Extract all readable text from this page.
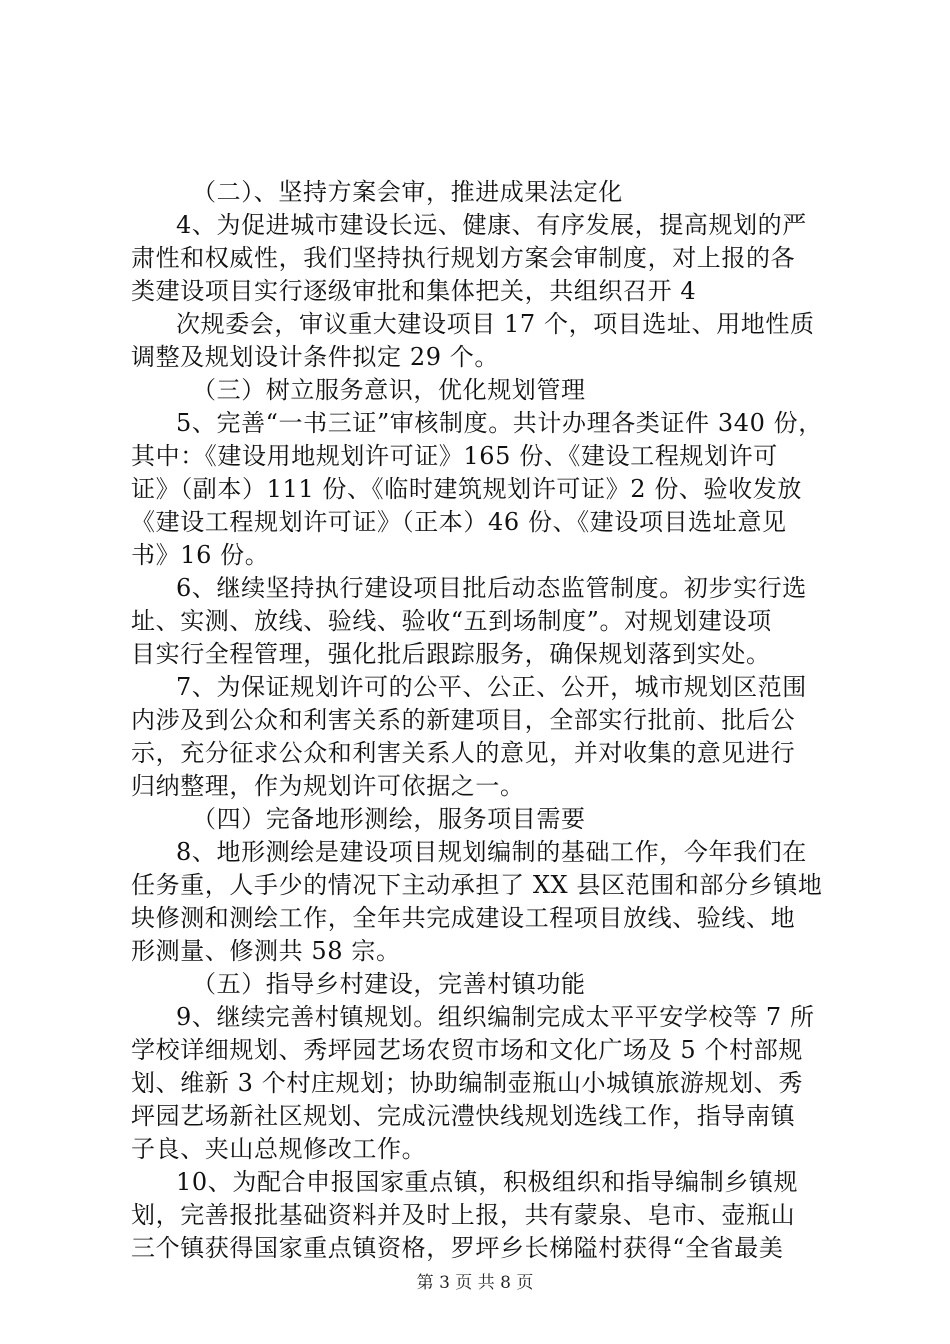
（二）、坚持方案会审，推进成果法定化
4、为促进城市建设长远、健康、有序发展，提高规划的严
肃性和权威性，我们坚持执行规划方案会审制度，对上报的各
类建设项目实行逐级审批和集体把关，共组织召开 4
次规委会，审议重大建设项目 17 个，项目选址、用地性质
调整及规划设计条件拟定 29 个。
（三）树立服务意识，优化规划管理
5、完善“一书三证”审核制度。共计办理各类证件 340 份，
其中：《建设用地规划许可证》165 份、《建设工程规划许可
证》（副本）111 份、《临时建筑规划许可证》2 份、验收发放
《建设工程规划许可证》（正本）46 份、《建设项目选址意见
书》16 份。
6、继续坚持执行建设项目批后动态监管制度。初步实行选
址、实测、放线、验线、验收“五到场制度”。对规划建设项
目实行全程管理，强化批后跟踪服务，确保规划落到实处。
7、为保证规划许可的公平、公正、公开，城市规划区范围
内涉及到公众和利害关系的新建项目，全部实行批前、批后公
示，充分征求公众和利害关系人的意见，并对收集的意见进行
归纳整理，作为规划许可依据之一。
（四）完备地形测绘，服务项目需要
8、地形测绘是建设项目规划编制的基础工作，今年我们在
任务重，人手少的情况下主动承担了 XX 县区范围和部分乡镇地
块修测和测绘工作，全年共完成建设工程项目放线、验线、地
形测量、修测共 58 宗。
（五）指导乡村建设，完善村镇功能
9、继续完善村镇规划。组织编制完成太平平安学校等 7 所
学校详细规划、秀坪园艺场农贸市场和文化广场及 5 个村部规
划、维新 3 个村庄规划；协助编制壶瓶山小城镇旅游规划、秀
坪园艺场新社区规划、完成沅澧快线规划选线工作，指导南镇
子良、夹山总规修改工作。
10、为配合申报国家重点镇，积极组织和指导编制乡镇规
划，完善报批基础资料并及时上报，共有蒙泉、皂市、壶瓶山
三个镇获得国家重点镇资格，罗坪乡长梯隘村获得“全省最美
第 3 页 共 8 页
